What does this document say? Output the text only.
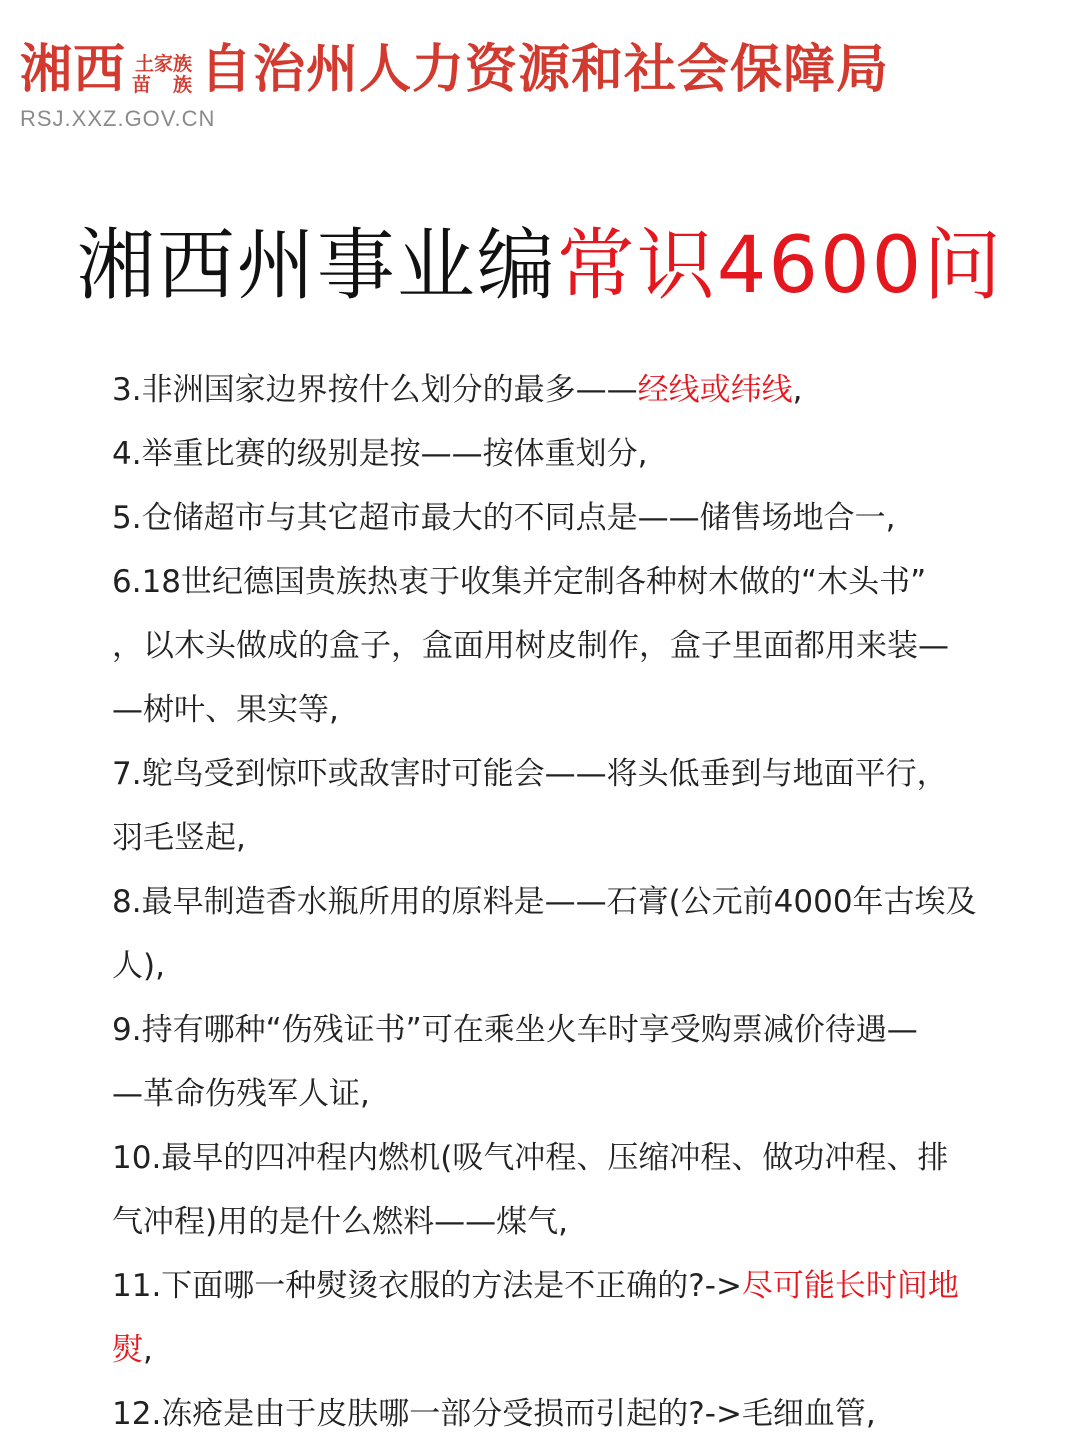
湘西 土家族
苗 族 自治州人力资源和社会保障局
RSJ.XXZ.GOV.CN
湘西州事业编常识4600问
3.非洲国家边界按什么划分的最多——经线或纬线,
4.举重比赛的级别是按——按体重划分,
5.仓储超市与其它超市最大的不同点是——储售场地合一,
6.18世纪德国贵族热衷于收集并定制各种树木做的“木头书”
，以木头做成的盒子，盒面用树皮制作，盒子里面都用来装—
—树叶、果实等,
7.鸵鸟受到惊吓或敌害时可能会——将头低垂到与地面平行，
羽毛竖起,
8.最早制造香水瓶所用的原料是——石膏(公元前4000年古埃及
人),
9.持有哪种“伤残证书”可在乘坐火车时享受购票减价待遇—
—革命伤残军人证,
10.最早的四冲程内燃机(吸气冲程、压缩冲程、做功冲程、排
气冲程)用的是什么燃料——煤气,
11.下面哪一种熨烫衣服的方法是不正确的?->尽可能长时间地
熨,
12.冻疮是由于皮肤哪一部分受损而引起的?->毛细血管,
